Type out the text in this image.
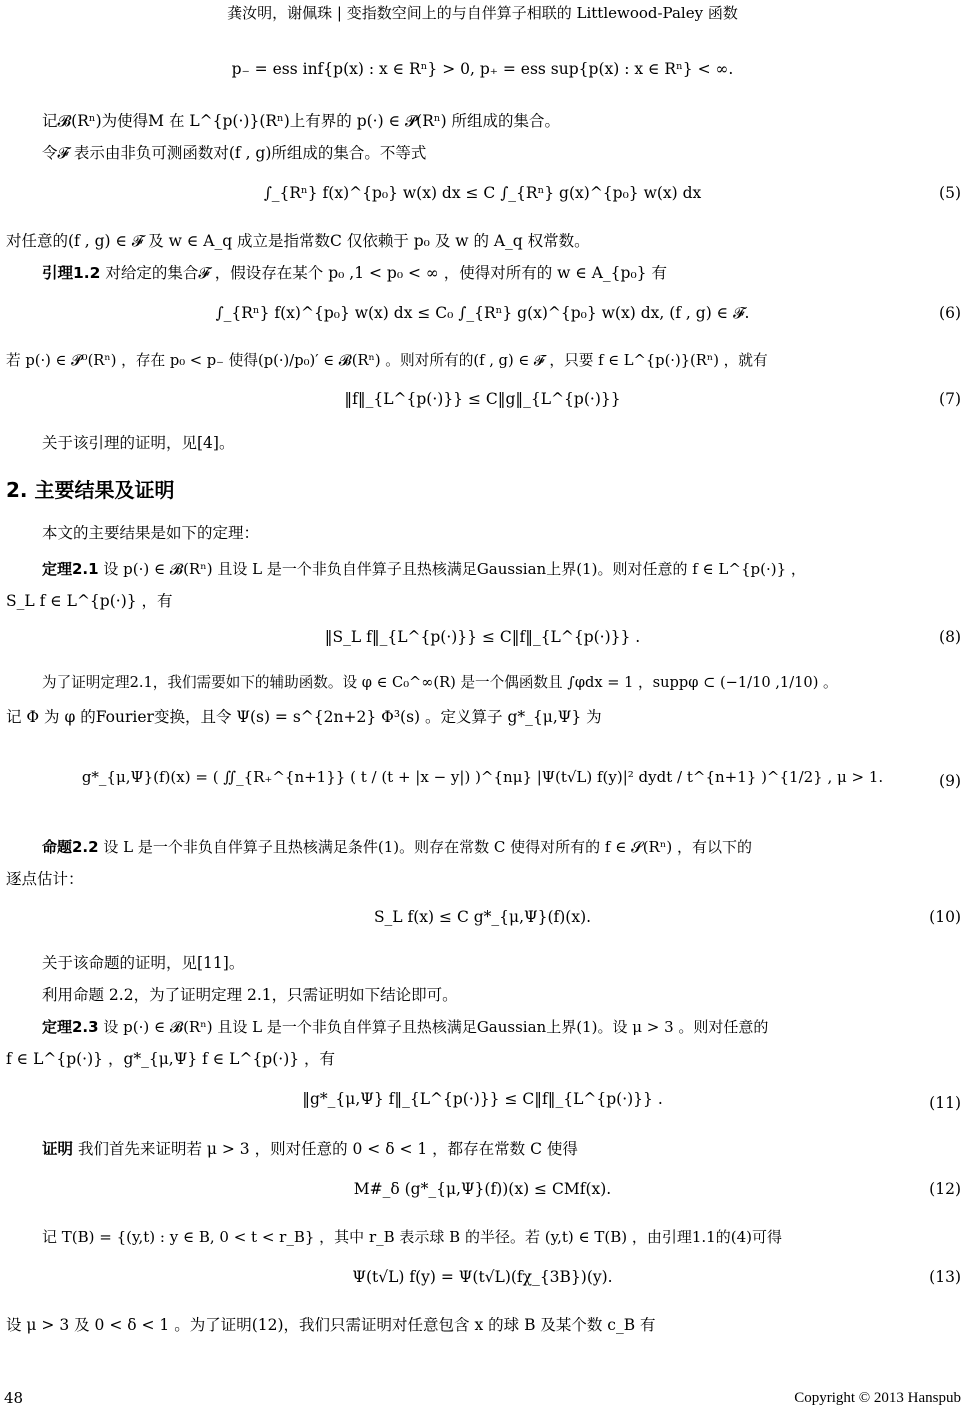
龚汝明，谢佩珠 | 变指数空间上的与自伴算子相联的 Littlewood-Paley 函数
p₋ = ess inf{p(x) : x ∈ Rⁿ} > 0, p₊ = ess sup{p(x) : x ∈ Rⁿ} < ∞.
记𝓑(Rⁿ)为使得M 在 L^{p(·)}(Rⁿ)上有界的 p(·) ∈ 𝓟(Rⁿ) 所组成的集合。
令𝓕 表示由非负可测函数对(f , g)所组成的集合。不等式
∫_{Rⁿ} f(x)^{p₀} w(x) dx ≤ C ∫_{Rⁿ} g(x)^{p₀} w(x) dx	(5)
对任意的(f , g) ∈ 𝓕 及 w ∈ A_q 成立是指常数C 仅依赖于 p₀ 及 w 的 A_q 权常数。
引理1.2 对给定的集合𝓕 ，假设存在某个 p₀ ,1 < p₀ < ∞ ，使得对所有的 w ∈ A_{p₀} 有
∫_{Rⁿ} f(x)^{p₀} w(x) dx ≤ C₀ ∫_{Rⁿ} g(x)^{p₀} w(x) dx, (f , g) ∈ 𝓕.	(6)
若 p(·) ∈ 𝓟⁰(Rⁿ) ，存在 p₀ < p₋ 使得(p(·)/p₀)′ ∈ 𝓑(Rⁿ) 。则对所有的(f , g) ∈ 𝓕 ，只要 f ∈ L^{p(·)}(Rⁿ) ，就有
‖f‖_{L^{p(·)}} ≤ C‖g‖_{L^{p(·)}}	(7)
关于该引理的证明，见[4]。
2. 主要结果及证明
本文的主要结果是如下的定理：
定理2.1 设 p(·) ∈ 𝓑(Rⁿ) 且设 L 是一个非负自伴算子且热核满足Gaussian上界(1)。则对任意的 f ∈ L^{p(·)} ，
S_L f ∈ L^{p(·)} ，有
‖S_L f‖_{L^{p(·)}} ≤ C‖f‖_{L^{p(·)}} .	(8)
为了证明定理2.1，我们需要如下的辅助函数。设 φ ∈ C₀^∞(R) 是一个偶函数且 ∫φdx = 1 ，suppφ ⊂ (−1/10 ,1/10) 。
记 Φ 为 φ 的Fourier变换，且令 Ψ(s) = s^{2n+2} Φ³(s) 。定义算子 g*_{μ,Ψ} 为
g*_{μ,Ψ}(f)(x) = ( ∬_{R₊^{n+1}} ( t / (t + |x − y|) )^{nμ} |Ψ(t√L) f(y)|² dydt / t^{n+1} )^{1/2} , μ > 1.	(9)
命题2.2 设 L 是一个非负自伴算子且热核满足条件(1)。则存在常数 C 使得对所有的 f ∈ 𝓢(Rⁿ) ，有以下的
逐点估计：
S_L f(x) ≤ C g*_{μ,Ψ}(f)(x).	(10)
关于该命题的证明，见[11]。
利用命题 2.2，为了证明定理 2.1，只需证明如下结论即可。
定理2.3 设 p(·) ∈ 𝓑(Rⁿ) 且设 L 是一个非负自伴算子且热核满足Gaussian上界(1)。设 μ > 3 。则对任意的
f ∈ L^{p(·)} ，g*_{μ,Ψ} f ∈ L^{p(·)} ，有
‖g*_{μ,Ψ} f‖_{L^{p(·)}} ≤ C‖f‖_{L^{p(·)}} .	(11)
证明 我们首先来证明若 μ > 3 ，则对任意的 0 < δ < 1 ，都存在常数 C 使得
M#_δ (g*_{μ,Ψ}(f))(x) ≤ CMf(x).	(12)
记 T(B) = {(y,t) : y ∈ B, 0 < t < r_B} ，其中 r_B 表示球 B 的半径。若 (y,t) ∈ T(B) ，由引理1.1的(4)可得
Ψ(t√L) f(y) = Ψ(t√L)(fχ_{3B})(y).	(13)
设 μ > 3 及 0 < δ < 1 。为了证明(12)，我们只需证明对任意包含 x 的球 B 及某个数 c_B 有
48	Copyright © 2013 Hanspub
